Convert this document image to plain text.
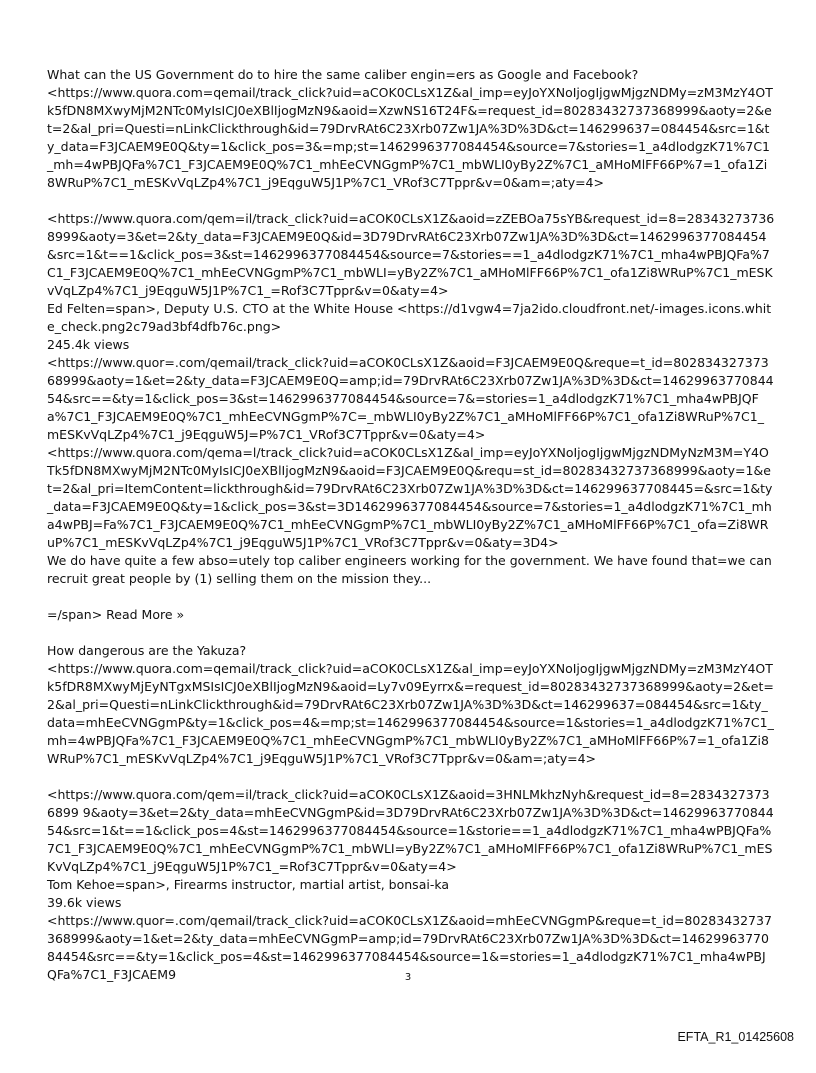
What can the US Government do to hire the same caliber engin=ers as Google and Facebook?

<https://www.quora.com=qemail/track_click?uid=aCOK0CLsX1Z&al_imp=eyJoYXNoIjogIjgwMjgzNDMy=zM3MzY4OTk5fDN8MXwyMjM2NTc0MyIsICJ0eXBlIjogMzN9&aoid=XzwNS16T24F&=request_id=80283432737368999&aoty=2&et=2&al_pri=Questi=nLinkClickthrough&id=79DrvRAt6C23Xrb07Zw1JA%3D%3D&ct=146299637=084454&src=1&ty_data=F3JCAEM9E0Q&ty=1&click_pos=3&=mp;st=1462996377084454&source=7&stories=1_a4dlodgzK71%7C1_mh=4wPBJQFa%7C1_F3JCAEM9E0Q%7C1_mhEeCVNGgmP%7C1_mbWLI0yBy2Z%7C1_aMHoMlFF66P%7=1_ofa1Zi8WRuP%7C1_mESKvVqLZp4%7C1_j9EqguW5J1P%7C1_VRof3C7Tppr&v=0&am=;aty=4>

<https://www.quora.com/qem=il/track_click?uid=aCOK0CLsX1Z&aoid=zZEBOa75sYB&request_id=8=283432737368999&aoty=3&et=2&ty_data=F3JCAEM9E0Q&id=3D79DrvRAt6C23Xrb07Zw1JA%3D%3D&ct=1462996377084454&src=1&t==1&click_pos=3&st=1462996377084454&source=7&stories==1_a4dlodgzK71%7C1_mha4wPBJQFa%7C1_F3JCAEM9E0Q%7C1_mhEeCVNGgmP%7C1_mbWLI=yBy2Z%7C1_aMHoMlFF66P%7C1_ofa1Zi8WRuP%7C1_mESKvVqLZp4%7C1_j9EqguW5J1P%7C1_=Rof3C7Tppr&v=0&aty=4>

Ed Felten=span>, Deputy U.S. CTO at the White House <https://d1vgw4=7ja2ido.cloudfront.net/-images.icons.white_check.png2c79ad3bf4dfb76c.png>

245.4k views

<https://www.quor=.com/qemail/track_click?uid=aCOK0CLsX1Z&aoid=F3JCAEM9E0Q&reque=t_id=80283432737368999&aoty=1&et=2&ty_data=F3JCAEM9E0Q=amp;id=79DrvRAt6C23Xrb07Zw1JA%3D%3D&ct=1462996377084454&src==&ty=1&click_pos=3&st=1462996377084454&source=7&=stories=1_a4dlodgzK71%7C1_mha4wPBJQFa%7C1_F3JCAEM9E0Q%7C1_mhEeCVNGgmP%7C=_mbWLI0yBy2Z%7C1_aMHoMlFF66P%7C1_ofa1Zi8WRuP%7C1_mESKvVqLZp4%7C1_j9EqguW5J=P%7C1_VRof3C7Tppr&v=0&aty=4>

<https://www.quora.com/qema=l/track_click?uid=aCOK0CLsX1Z&al_imp=eyJoYXNoIjogIjgwMjgzNDMyNzM3M=Y4OTk5fDN8MXwyMjM2NTc0MyIsICJ0eXBlIjogMzN9&aoid=F3JCAEM9E0Q&requ=st_id=80283432737368999&aoty=1&et=2&al_pri=ItemContent=lickthrough&id=79DrvRAt6C23Xrb07Zw1JA%3D%3D&ct=146299637708445=&src=1&ty_data=F3JCAEM9E0Q&ty=1&click_pos=3&st=3D1462996377084454&source=7&stories=1_a4dlodgzK71%7C1_mha4wPBJ=Fa%7C1_F3JCAEM9E0Q%7C1_mhEeCVNGgmP%7C1_mbWLI0yBy2Z%7C1_aMHoMlFF66P%7C1_ofa=Zi8WRuP%7C1_mESKvVqLZp4%7C1_j9EqguW5J1P%7C1_VRof3C7Tppr&v=0&aty=3D4>

We do have quite a few abso=utely top caliber engineers working for the government. We have found that=we can recruit great people by (1) selling them on the mission they...

=/span> Read More »

How dangerous are the Yakuza?

<https://www.quora.com=qemail/track_click?uid=aCOK0CLsX1Z&al_imp=eyJoYXNoIjogIjgwMjgzNDMy=zM3MzY4OTk5fDR8MXwyMjEyNTgxMSIsICJ0eXBlIjogMzN9&aoid=Ly7v09Eyrrx&=request_id=80283432737368999&aoty=2&et=2&al_pri=Questi=nLinkClickthrough&id=79DrvRAt6C23Xrb07Zw1JA%3D%3D&ct=146299637=084454&src=1&ty_data=mhEeCVNGgmP&ty=1&click_pos=4&=mp;st=1462996377084454&source=1&stories=1_a4dlodgzK71%7C1_mh=4wPBJQFa%7C1_F3JCAEM9E0Q%7C1_mhEeCVNGgmP%7C1_mbWLI0yBy2Z%7C1_aMHoMlFF66P%7=1_ofa1Zi8WRuP%7C1_mESKvVqLZp4%7C1_j9EqguW5J1P%7C1_VRof3C7Tppr&v=0&am=;aty=4>

<https://www.quora.com/qem=il/track_click?uid=aCOK0CLsX1Z&aoid=3HNLMkhzNyh&request_id=8=28343273736899 9&aoty=3&et=2&ty_data=mhEeCVNGgmP&id=3D79DrvRAt6C23Xrb07Zw1JA%3D%3D&ct=1462996377084454&src=1&t==1&click_pos=4&st=1462996377084454&source=1&storie==1_a4dlodgzK71%7C1_mha4wPBJQFa%7C1_F3JCAEM9E0Q%7C1_mhEeCVNGgmP%7C1_mbWLI=yBy2Z%7C1_aMHoMlFF66P%7C1_ofa1Zi8WRuP%7C1_mESKvVqLZp4%7C1_j9EqguW5J1P%7C1_=Rof3C7Tppr&v=0&aty=4>

Tom Kehoe=span>, Firearms instructor, martial artist, bonsai-ka

39.6k views

<https://www.quor=.com/qemail/track_click?uid=aCOK0CLsX1Z&aoid=mhEeCVNGgmP&reque=t_id=80283432737368999&aoty=1&et=2&ty_data=mhEeCVNGgmP=amp;id=79DrvRAt6C23Xrb07Zw1JA%3D%3D&ct=1462996377084454&src==&ty=1&click_pos=4&st=1462996377084454&source=1&=stories=1_a4dlodgzK71%7C1_mha4wPBJQFa%7C1_F3JCAEM9	3
EFTA_R1_01425608
